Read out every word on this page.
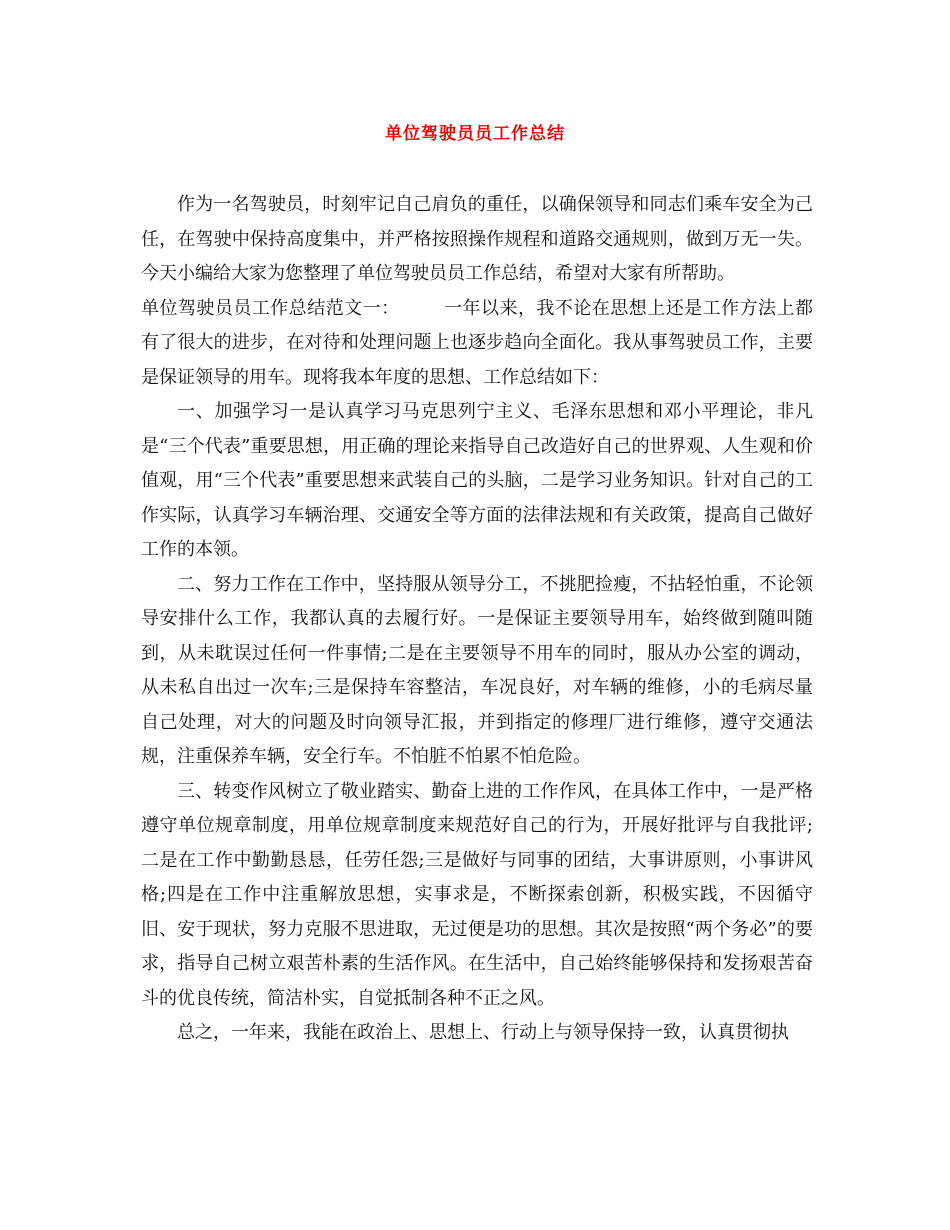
单位驾驶员员工作总结

作为一名驾驶员，时刻牢记自己肩负的重任，以确保领导和同志们乘车安全为己任，在驾驶中保持高度集中，并严格按照操作规程和道路交通规则，做到万无一失。今天小编给大家为您整理了单位驾驶员员工作总结，希望对大家有所帮助。

单位驾驶员员工作总结范文一： 一年以来，我不论在思想上还是工作方法上都有了很大的进步，在对待和处理问题上也逐步趋向全面化。我从事驾驶员工作，主要是保证领导的用车。现将我本年度的思想、工作总结如下：

一、加强学习一是认真学习马克思列宁主义、毛泽东思想和邓小平理论，非凡是“三个代表”重要思想，用正确的理论来指导自己改造好自己的世界观、人生观和价值观，用“三个代表”重要思想来武装自己的头脑，二是学习业务知识。针对自己的工作实际，认真学习车辆治理、交通安全等方面的法律法规和有关政策，提高自己做好工作的本领。

二、努力工作在工作中，坚持服从领导分工，不挑肥捡瘦，不拈轻怕重，不论领导安排什么工作，我都认真的去履行好。一是保证主要领导用车，始终做到随叫随到，从未耽误过任何一件事情;二是在主要领导不用车的同时，服从办公室的调动，从未私自出过一次车;三是保持车容整洁，车况良好，对车辆的维修，小的毛病尽量自己处理，对大的问题及时向领导汇报，并到指定的修理厂进行维修，遵守交通法规，注重保养车辆，安全行车。不怕脏不怕累不怕危险。

三、转变作风树立了敬业踏实、勤奋上进的工作作风，在具体工作中，一是严格遵守单位规章制度，用单位规章制度来规范好自己的行为，开展好批评与自我批评;二是在工作中勤勤恳恳，任劳任怨;三是做好与同事的团结，大事讲原则，小事讲风格;四是在工作中注重解放思想，实事求是，不断探索创新，积极实践，不因循守旧、安于现状，努力克服不思进取，无过便是功的思想。其次是按照“两个务必”的要求，指导自己树立艰苦朴素的生活作风。在生活中，自己始终能够保持和发扬艰苦奋斗的优良传统，简洁朴实，自觉抵制各种不正之风。

总之，一年来，我能在政治上、思想上、行动上与领导保持一致，认真贯彻执
